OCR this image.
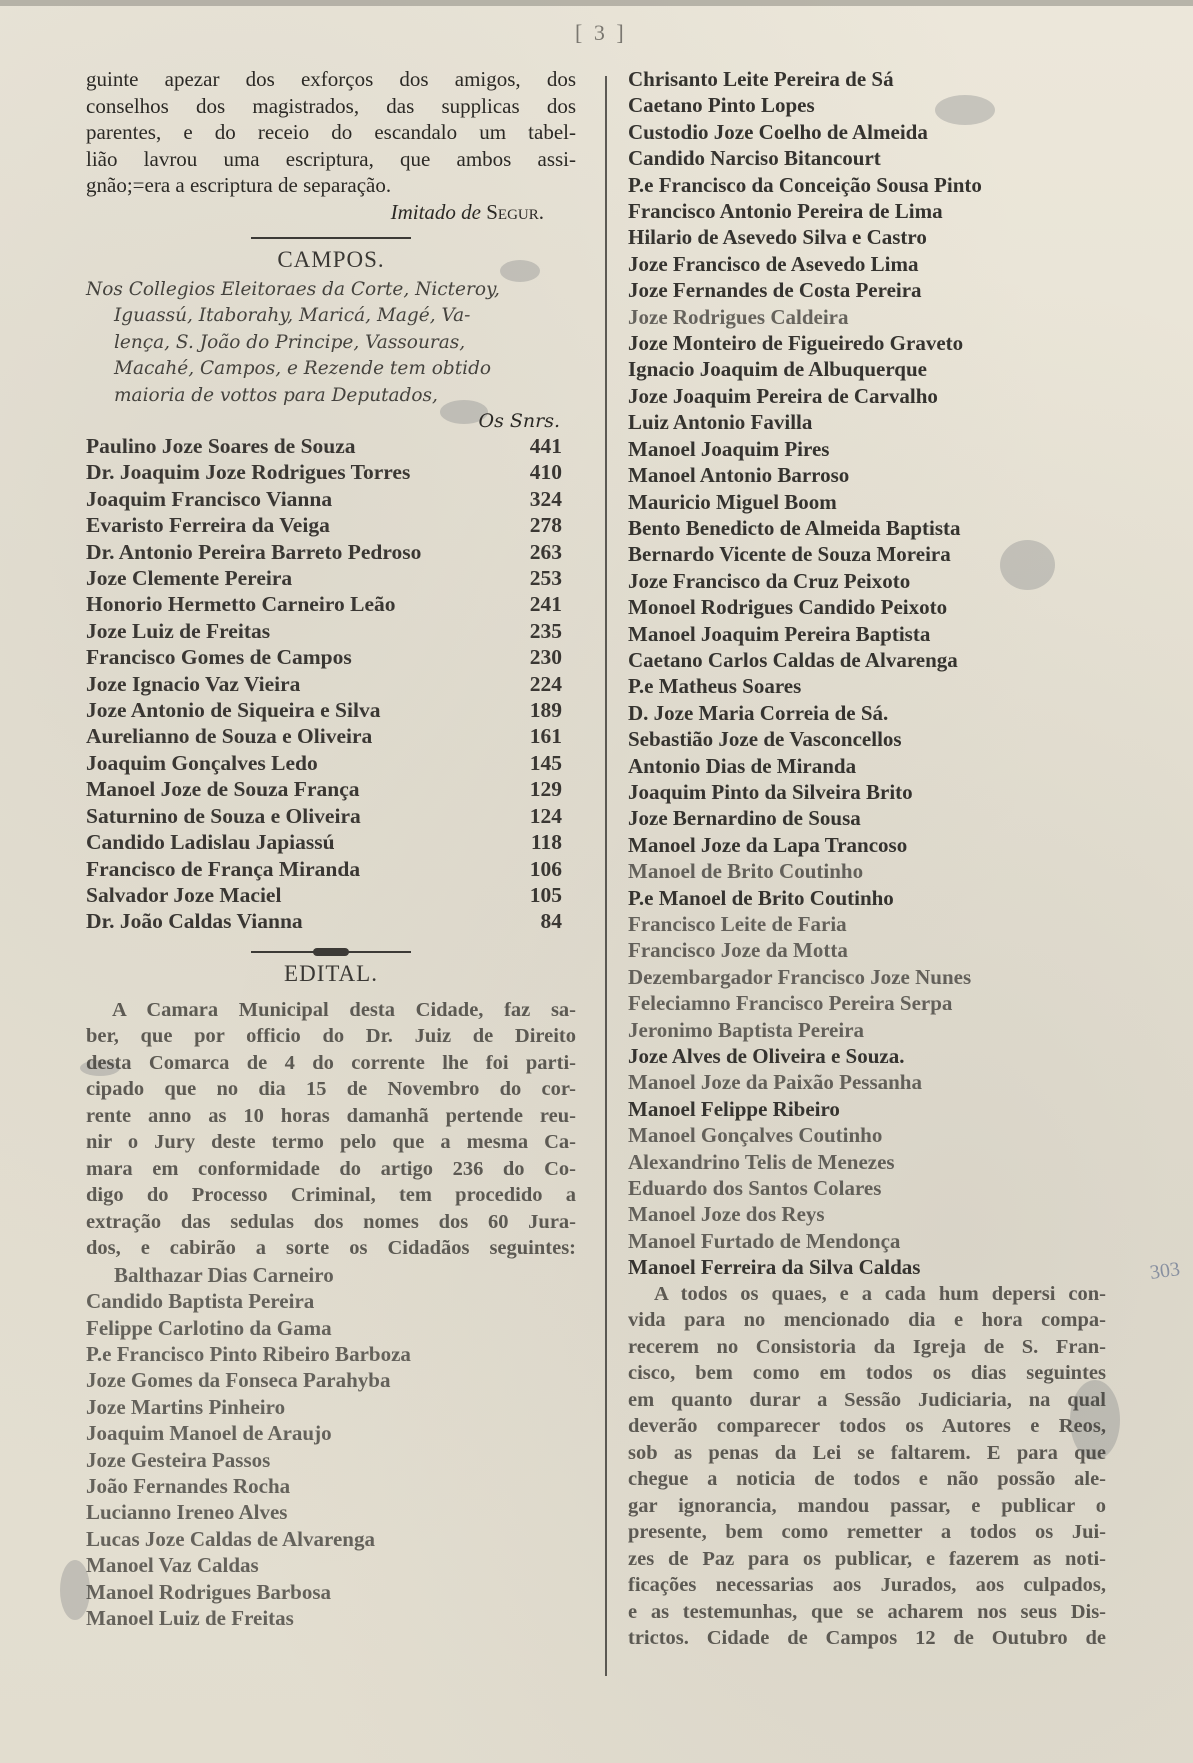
[ 3 ]
303

guinte apezar dos exforços dos amigos, dos
conselhos dos magistrados, das supplicas dos
parentes, e do receio do escandalo um tabel-
lião lavrou uma escriptura, que ambos assi-
gnão;=era a escriptura de separação.

Imitado de Segur.

CAMPOS.
Nos Collegios Eleitoraes da Corte, Nicteroy,
Iguassú, Itaborahy, Maricá, Magé, Va-
lença, S. João do Principe, Vassouras,
Macahé, Campos, e Rezende tem obtido
maioria de vottos para Deputados,
Os Snrs.
Paulino Joze Soares de Souza	441
Dr. Joaquim Joze Rodrigues Torres	410
Joaquim Francisco Vianna	324
Evaristo Ferreira da Veiga	278
Dr. Antonio Pereira Barreto Pedroso	263
Joze Clemente Pereira	253
Honorio Hermetto Carneiro Leão	241
Joze Luiz de Freitas	235
Francisco Gomes de Campos	230
Joze Ignacio Vaz Vieira	224
Joze Antonio de Siqueira e Silva	189
Aurelianno de Souza e Oliveira	161
Joaquim Gonçalves Ledo	145
Manoel Joze de Souza França	129
Saturnino de Souza e Oliveira	124
Candido Ladislau Japiassú	118
Francisco de França Miranda	106
Salvador Joze Maciel	105
Dr. João Caldas Vianna	84
EDITAL.

A Camara Municipal desta Cidade, faz sa-
ber, que por officio do Dr. Juiz de Direito
desta Comarca de 4 do corrente lhe foi parti-
cipado que no dia 15 de Novembro do cor-
rente anno as 10 horas damanhã pertende reu-
nir o Jury deste termo pelo que a mesma Ca-
mara em conformidade do artigo 236 do Co-
digo do Processo Criminal, tem procedido a
extração das sedulas dos nomes dos 60 Jura-
dos, e cabirão a sorte os Cidadãos seguintes:

Balthazar Dias Carneiro
Candido Baptista Pereira
Felippe Carlotino da Gama
P.e Francisco Pinto Ribeiro Barboza
Joze Gomes da Fonseca Parahyba
Joze Martins Pinheiro
Joaquim Manoel de Araujo
Joze Gesteira Passos
João Fernandes Rocha
Lucianno Ireneo Alves
Lucas Joze Caldas de Alvarenga
Manoel Vaz Caldas
Manoel Rodrigues Barbosa
Manoel Luiz de Freitas
Chrisanto Leite Pereira de Sá
Caetano Pinto Lopes
Custodio Joze Coelho de Almeida
Candido Narciso Bitancourt
P.e Francisco da Conceição Sousa Pinto
Francisco Antonio Pereira de Lima
Hilario de Asevedo Silva e Castro
Joze Francisco de Asevedo Lima
Joze Fernandes de Costa Pereira
Joze Rodrigues Caldeira
Joze Monteiro de Figueiredo Graveto
Ignacio Joaquim de Albuquerque
Joze Joaquim Pereira de Carvalho
Luiz Antonio Favilla
Manoel Joaquim Pires
Manoel Antonio Barroso
Mauricio Miguel Boom
Bento Benedicto de Almeida Baptista
Bernardo Vicente de Souza Moreira
Joze Francisco da Cruz Peixoto
Monoel Rodrigues Candido Peixoto
Manoel Joaquim Pereira Baptista
Caetano Carlos Caldas de Alvarenga
P.e Matheus Soares
D. Joze Maria Correia de Sá.
Sebastião Joze de Vasconcellos
Antonio Dias de Miranda
Joaquim Pinto da Silveira Brito
Joze Bernardino de Sousa
Manoel Joze da Lapa Trancoso
Manoel de Brito Coutinho
P.e Manoel de Brito Coutinho
Francisco Leite de Faria
Francisco Joze da Motta
Dezembargador Francisco Joze Nunes
Feleciamno Francisco Pereira Serpa
Jeronimo Baptista Pereira
Joze Alves de Oliveira e Souza.
Manoel Joze da Paixão Pessanha
Manoel Felippe Ribeiro
Manoel Gonçalves Coutinho
Alexandrino Telis de Menezes
Eduardo dos Santos Colares
Manoel Joze dos Reys
Manoel Furtado de Mendonça
Manoel Ferreira da Silva Caldas

A todos os quaes, e a cada hum depersi con-
vida para no mencionado dia e hora compa-
recerem no Consistoria da Igreja de S. Fran-
cisco, bem como em todos os dias seguintes
em quanto durar a Sessão Judiciaria, na qual
deverão comparecer todos os Autores e Reos,
sob as penas da Lei se faltarem. E para que
chegue a noticia de todos e não possão ale-
gar ignorancia, mandou passar, e publicar o
presente, bem como remetter a todos os Jui-
zes de Paz para os publicar, e fazerem as noti-
ficações necessarias aos Jurados, aos culpados,
e as testemunhas, que se acharem nos seus Dis-
trictos. Cidade de Campos 12 de Outubro de
